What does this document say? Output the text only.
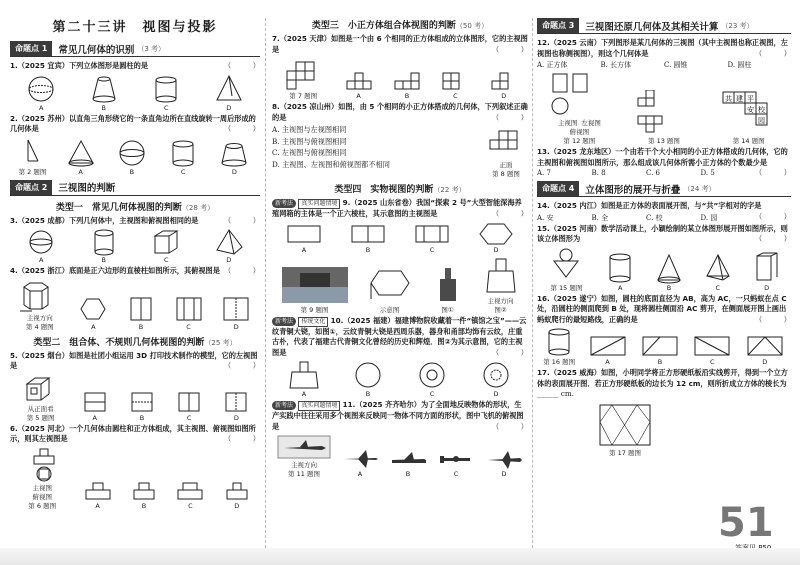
第二十三讲　视图与投影
命题点 1	常见几何体的识别 （3 考）
1.（2025 宜宾）下列立体图形是圆柱的是	（　　　）
A	B	C	D
2.（2025 苏州）以直角三角形绕它的一条直角边所在直线旋转一周后形成的几何体是	（　　　）
第 2 题图	A	B	C	D
命题点 2	三视图的判断
类型一　常见几何体视图的判断（28 考）
3.（2025 成都）下列几何体中，主视图和俯视图相同的是	（　　　）
A	B	C	D
4.（2025 浙江）底面是正六边形的直棱柱如图所示，其俯视图是 （　　　）
主视方向
第 4 题图	A	B	C	D
类型二　组合体、不规则几何体视图的判断（25 考）
5.（2025 烟台）如图是社团小组运用 3D 打印技术制作的模型，它的左视图是	（　　　）
从正面看
第 5 题图	A	B	C	D
6.（2025 河北）一个几何体由圆柱和正方体组成，其主视图、俯视图如图所示，则其左视图是	（　　　）
主视图
俯视图
第 6 题图	A	B	C	D
类型三　小正方体组合体视图的判断（50 考）
7.（2025 天津）如图是一个由 6 个相同的正方体组成的立体图形，它的主视图是	（　　　）
第 7 题图	A	B	C	D
8.（2025 凉山州）如图，由 5 个相同的小正方体搭成的几何体，下列叙述正确的是	（　　　）
A. 主视图与左视图相同
B. 主视图与俯视图相同
C. 左视图与俯视图相同
D. 主视图、左视图和俯视图都不相同	正面
第 8 题图
类型四　实物视图的判断（22 考）
新考法 真实问题情境 9.（2025 山东省卷）我国“探索 2 号”大型智能深海养殖网箱的主体是一个正六棱柱，其示意图的主视图是	（　　　）
A	B	C	D
第 9 题图	示意图	图①
主视方向
图②
新考法 传统文化 10.（2025 福建）福建博物院收藏着一件“镇馆之宝”——云纹青铜大铙，如图①，云纹青铜大铙是西周乐器，器身和甬部均饰有云纹，庄重古朴，代表了福建古代青铜文化曾经的历史和辉煌．图②为其示意图，它的主视图是	（　　　）
A	B	C	D
新考法 真实问题情境 11.（2025 齐齐哈尔）为了全面地反映物体的形状，生产实践中往往采用多个视图来反映同一物体不同方面的形状，图中飞机的俯视图是	（　　　）
主视方向
第 11 题图	A	B	C	D
命题点 3	三视图还原几何体及其相关计算 （23 考）
12.（2025 云南）下列图形是某几何体的三视图（其中主视图也称正视图，左视图也称侧视图），则这个几何体是	（　　　）
A. 正方体	B. 长方体	C. 圆锥	D. 圆柱
主视图 左视图
俯视图
第 12 题图	第 13 题图
共 建 平
安 校
园
第 14 题图
13.（2025 龙东地区）一个由若干个大小相同的小正方体搭成的几何体，它的主视图和俯视图如图所示，那么组成该几何体所需小正方体的个数最少是
（　　　）
A. 7	B. 8	C. 6	D. 5
命题点 4	立体图形的展开与折叠 （24 考）
14.（2025 内江）如图是正方体的表面展开图，与“共”字相对的字是
（　　　）
A. 安	B. 全	C. 校	D. 园
15.（2025 河南）数学活动课上，小颖绘制的某立体图形展开图如图所示，则该立体图形为	（　　　）
第 15 题图	A	B	C	D
16.（2025 遂宁）如图，圆柱的底面直径为 AB，高为 AC，一只蚂蚁在点 C 处，沿圆柱的侧面爬到 B 处，现将圆柱侧面沿 AC 剪开，在侧面展开图上画出蚂蚁爬行的最短路线，正确的是	（　　　）
第 16 题图	A	B	C	D
17.（2025 威海）如图，小明同学将正方形硬纸板沿实线剪开，得到一个立方体的表面展开图．若正方形硬纸板的边长为 12 cm，则所折成立方体的棱长为 ______ cm.
第 17 题图
51
